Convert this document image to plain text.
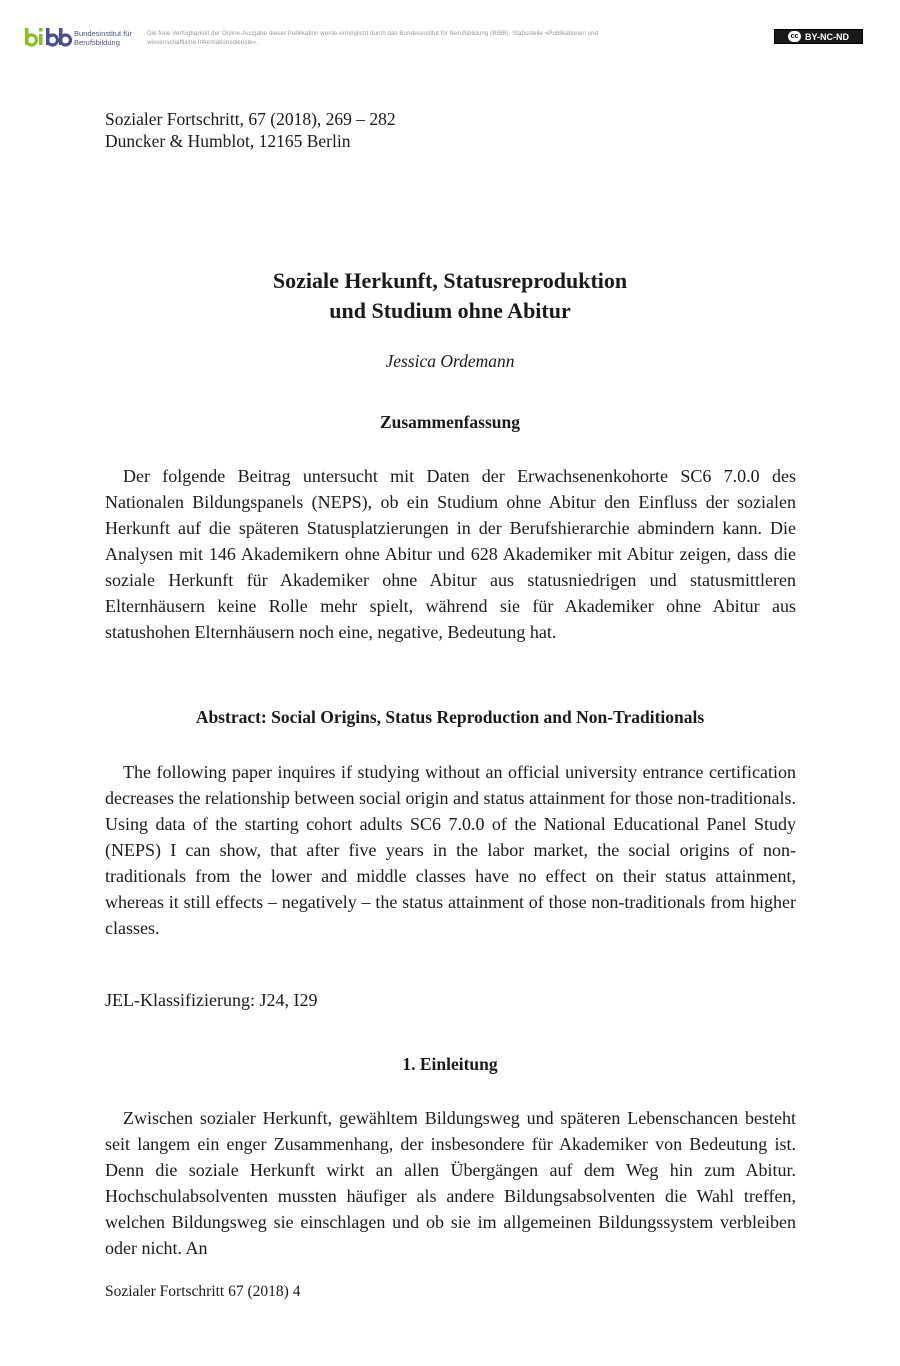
Bundesinstitut für
Berufsbildung
Die freie Verfügbarkeit der Online-Ausgabe dieser Publikation wurde ermöglicht durch das Bundesinstitut für Berufsbildung (BIBB), Stabsstelle »Publikationen und wissenschaftliche Informationsdienste«.
cc BY-NC-ND
Sozialer Fortschritt, 67 (2018), 269 – 282
Duncker & Humblot, 12165 Berlin
Soziale Herkunft, Statusreproduktion
und Studium ohne Abitur
Jessica Ordemann
Zusammenfassung

Der folgende Beitrag untersucht mit Daten der Erwachsenenkohorte SC6 7.0.0 des Nationalen Bildungspanels (NEPS), ob ein Studium ohne Abitur den Einfluss der sozialen Herkunft auf die späteren Statusplatzierungen in der Berufshierarchie abmindern kann. Die Analysen mit 146 Akademikern ohne Abitur und 628 Akademiker mit Abitur zeigen, dass die soziale Herkunft für Akademiker ohne Abitur aus statusniedrigen und statusmittleren Elternhäusern keine Rolle mehr spielt, während sie für Akademiker ohne Abitur aus statushohen Elternhäusern noch eine, negative, Bedeutung hat.

Abstract: Social Origins, Status Reproduction and Non-Traditionals

The following paper inquires if studying without an official university entrance certification decreases the relationship between social origin and status attainment for those non-traditionals. Using data of the starting cohort adults SC6 7.0.0 of the National Educational Panel Study (NEPS) I can show, that after five years in the labor market, the social origins of non-traditionals from the lower and middle classes have no effect on their status attainment, whereas it still effects – negatively – the status attainment of those non-traditionals from higher classes.

JEL-Klassifizierung: J24, I29
1. Einleitung

Zwischen sozialer Herkunft, gewähltem Bildungsweg und späteren Lebenschancen besteht seit langem ein enger Zusammenhang, der insbesondere für Akademiker von Bedeutung ist. Denn die soziale Herkunft wirkt an allen Übergängen auf dem Weg hin zum Abitur. Hochschulabsolventen mussten häufiger als andere Bildungsabsolventen die Wahl treffen, welchen Bildungsweg sie einschlagen und ob sie im allgemeinen Bildungssystem verbleiben oder nicht. An

Sozialer Fortschritt 67 (2018) 4
